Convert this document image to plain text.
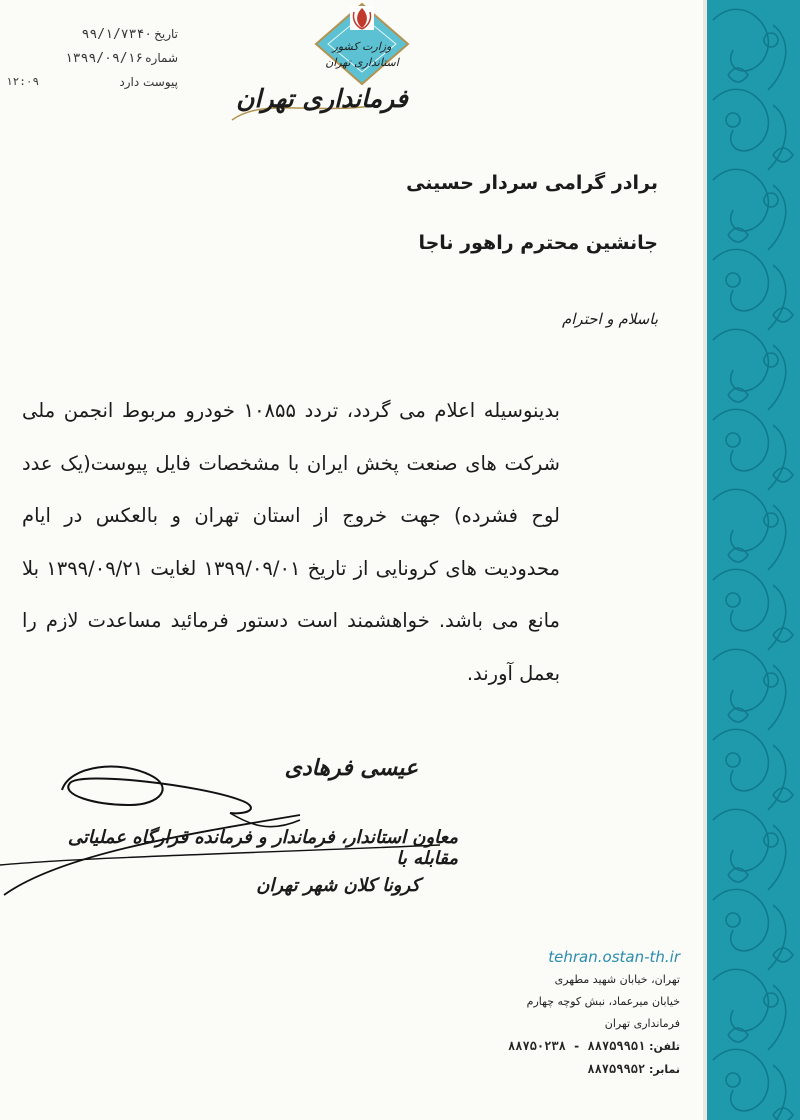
تاریخ۹۹/۱/۷۳۴۰
شماره۱۳۹۹/۰۹/۱۶
پیوست دارد
۱۲:۰۹
وزارت کشور
استانداری تهران
فرمانداری تهران
برادر گرامی سردار حسینی
جانشین محترم راهور ناجا
باسلام و احترام
بدینوسیله اعلام می گردد، تردد ۱۰۸۵۵ خودرو مربوط انجمن ملی شرکت های صنعت پخش ایران با مشخصات فایل پیوست(یک عدد لوح فشرده) جهت خروج از استان تهران و بالعکس در ایام محدودیت های کرونایی از تاریخ ۱۳۹۹/۰۹/۰۱ لغایت ۱۳۹۹/۰۹/۲۱ بلا مانع می باشد. خواهشمند است دستور فرمائید مساعدت لازم را بعمل آورند.
عیسی فرهادی
معاون استاندار، فرماندار و فرمانده قرارگاه عملیاتی مقابله با
کرونا کلان شهر تهران
tehran.ostan-th.ir
تهران، خیابان شهید مطهری
خیابان میرعماد، نبش کوچه چهارم
فرمانداری تهران
تلفن: ۸۸۷۵۹۹۵۱ - ۸۸۷۵۰۲۳۸
نمابر: ۸۸۷۵۹۹۵۲
